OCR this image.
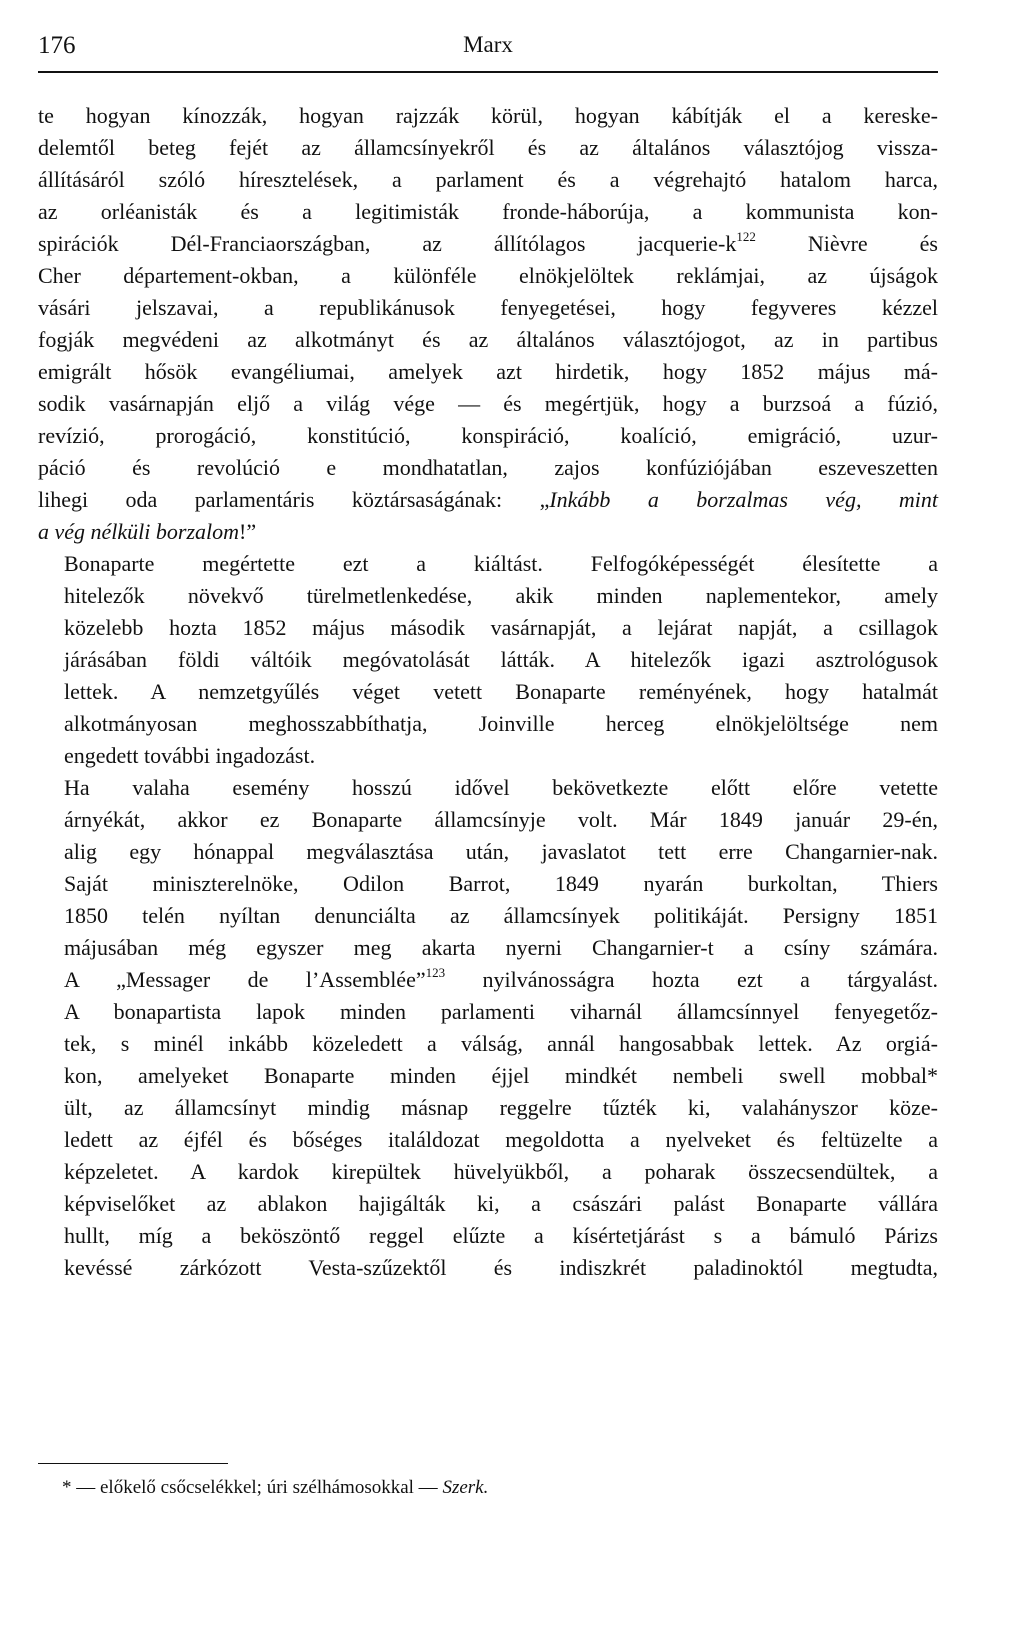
176	Marx

te hogyan kínozzák, hogyan rajzzák körül, hogyan kábítják el a kereske-
delemtől beteg fejét az államcsínyekről és az általános választójog vissza-
állításáról szóló híresztelések, a parlament és a végrehajtó hatalom harca,
az orléanisták és a legitimisták fronde-háborúja, a kommunista kon-
spirációk Dél-Franciaországban, az állítólagos jacquerie-$k^{122}$ Nièvre és
Cher département-okban, a különféle elnökjelöltek reklámjai, az újságok
vásári jelszavai, a republikánusok fenyegetései, hogy fegyveres kézzel
fogják megvédeni az alkotmányt és az általános választójogot, az in partibus
emigrált hősök evangéliumai, amelyek azt hirdetik, hogy 1852 május má-
sodik vasárnapján eljő a világ vége — és megértjük, hogy a burzsoá a fúzió,
revízió, prorogáció, konstitúció, konspiráció, koalíció, emigráció, uzur-
páció és revolúció e mondhatatlan, zajos konfúziójában eszeveszetten
lihegi oda parlamentáris köztársaságának: „Inkább a borzalmas vég, mint
a vég nélküli borzalom!”

Bonaparte megértette ezt a kiáltást. Felfogóképességét élesítette a
hitelezők növekvő türelmetlenkedése, akik minden naplementekor, amely
közelebb hozta 1852 május második vasárnapját, a lejárat napját, a csillagok
járásában földi váltóik megóvatolását látták. A hitelezők igazi asztrológusok
lettek. A nemzetgyűlés véget vetett Bonaparte reményének, hogy hatalmát
alkotmányosan meghosszabbíthatja, Joinville herceg elnökjelöltsége nem
engedett további ingadozást.

Ha valaha esemény hosszú idővel bekövetkezte előtt előre vetette
árnyékát, akkor ez Bonaparte államcsínyje volt. Már 1849 január 29-én,
alig egy hónappal megválasztása után, javaslatot tett erre Changarnier-nak.
Saját miniszterelnöke, Odilon Barrot, 1849 nyarán burkoltan, Thiers
1850 telén nyíltan denunciálta az államcsínyek politikáját. Persigny 1851
májusában még egyszer meg akarta nyerni Changarnier-t a csíny számára.
A „Messager de l’Assemblée”$^{123}$ nyilvánosságra hozta ezt a tárgyalást.
A bonapartista lapok minden parlamenti viharnál államcsínnyel fenyegetőz-
tek, s minél inkább közeledett a válság, annál hangosabbak lettek. Az orgiá-
kon, amelyeket Bonaparte minden éjjel mindkét nembeli swell mobbal*
ült, az államcsínyt mindig másnap reggelre tűzték ki, valahányszor köze-
ledett az éjfél és bőséges italáldozat megoldotta a nyelveket és feltüzelte a
képzeletet. A kardok kirepültek hüvelyükből, a poharak összecsendültek, a
képviselőket az ablakon hajigálták ki, a császári palást Bonaparte vállára
hullt, míg a beköszöntő reggel elűzte a kísértetjárást s a bámuló Párizs
kevéssé zárkózott Vesta-szűzektől és indiszkrét paladinoktól megtudta,

* — előkelő csőcselékkel; úri szélhámosokkal — Szerk.
